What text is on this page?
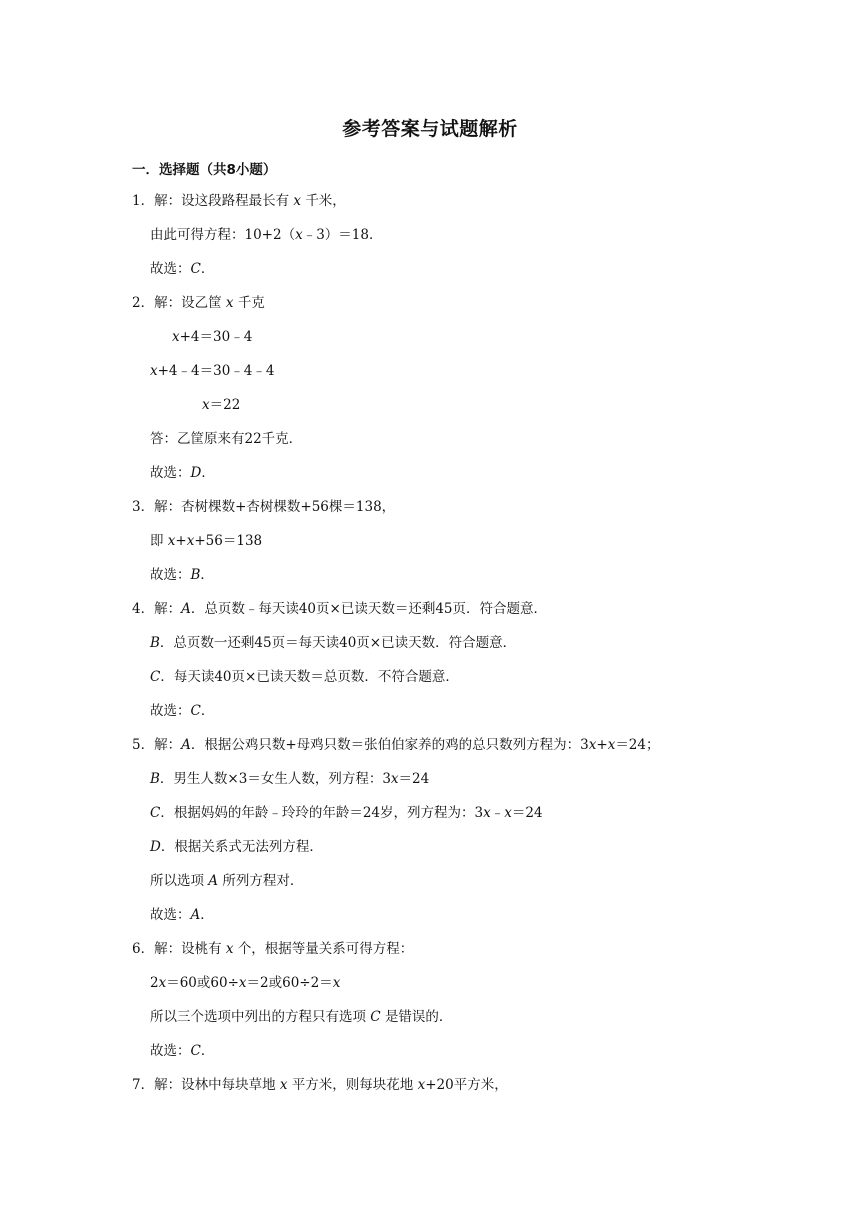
参考答案与试题解析
一．选择题（共8小题）
1．解：设这段路程最长有 x 千米，
由此可得方程：10+2（x﹣3）＝18．
故选：C．
2．解：设乙筐 x 千克
x+4＝30﹣4
x+4﹣4＝30﹣4﹣4
x＝22
答：乙筐原来有22千克．
故选：D．
3．解：杏树棵数+杏树棵数+56棵＝138，
即 x+x+56＝138
故选：B．
4．解：A．总页数﹣每天读40页×已读天数＝还剩45页．符合题意．
B．总页数一还剩45页＝每天读40页×已读天数．符合题意．
C．每天读40页×已读天数＝总页数．不符合题意．
故选：C．
5．解：A．根据公鸡只数+母鸡只数＝张伯伯家养的鸡的总只数列方程为：3x+x＝24；
B．男生人数×3＝女生人数，列方程：3x＝24
C．根据妈妈的年龄﹣玲玲的年龄＝24岁，列方程为：3x﹣x＝24
D．根据关系式无法列方程．
所以选项 A 所列方程对．
故选：A．
6．解：设桃有 x 个，根据等量关系可得方程：
2x＝60或60÷x＝2或60÷2＝x
所以三个选项中列出的方程只有选项 C 是错误的．
故选：C．
7．解：设林中每块草地 x 平方米，则每块花地 x+20平方米，
